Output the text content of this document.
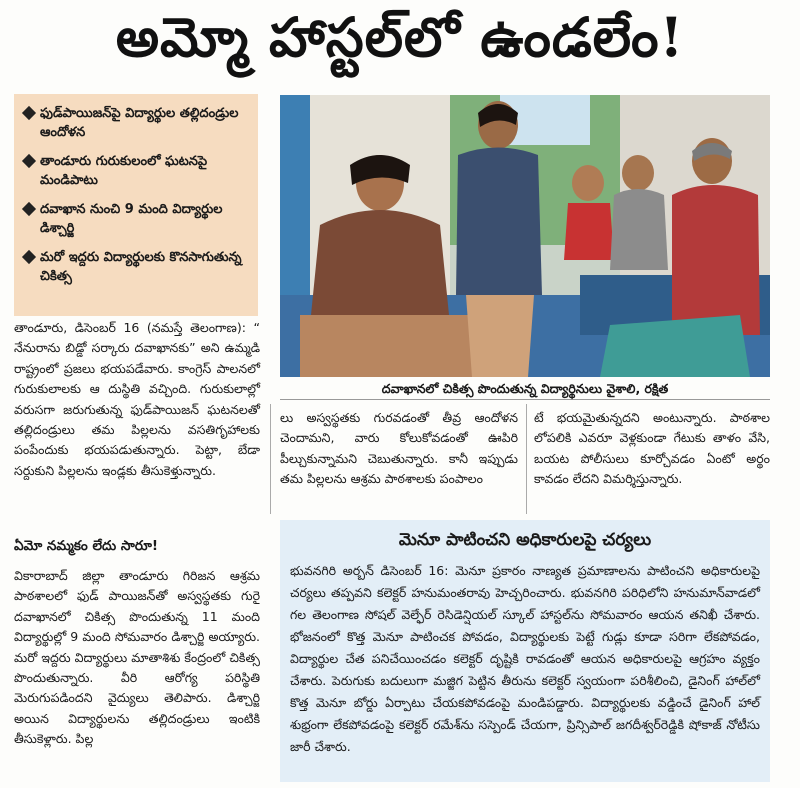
అమ్మో హాస్టల్‌లో ఉండలేం!
ఫుడ్‌పాయిజన్‌పై విద్యార్థుల తల్లిదండ్రుల ఆందోళన
తాండూరు గురుకులంలో ఘటనపై మండిపాటు
దవాఖాన నుంచి 9 మంది విద్యార్థుల డిశ్చార్జి
మరో ఇద్దరు విద్యార్థులకు కొనసాగుతున్న చికిత్స
దవాఖానలో చికిత్స పొందుతున్న విద్యార్థినులు వైశాలి, రక్షిత
తాండూరు, డిసెంబర్ 16 (నమస్తే తెలంగాణ): “ నేనురాను బిడ్డో సర్కారు దవాఖానకు” అని ఉమ్మడి రాష్ట్రంలో ప్రజలు భయపడేవారు. కాంగ్రెస్ పాలనలో గురుకులాలకు ఆ దుస్థితి వచ్చింది. గురుకులాల్లో వరుసగా జరుగుతున్న ఫుడ్‌పాయిజన్ ఘటనలతో తల్లిదండ్రులు తమ పిల్లలను వసతిగృహాలకు పంపేందుకు భయపడుతున్నారు. పెట్టా, బేడా సర్దుకుని పిల్లలను ఇండ్లకు తీసుకెళ్తున్నారు.
ఏమో నమ్మకం లేదు సారూ!
వికారాబాద్ జిల్లా తాండూరు గిరిజన ఆశ్రమ పాఠశాలలో ఫుడ్ పాయిజన్‌తో అస్వస్థతకు గురై దవాఖానలో చికిత్స పొందుతున్న 11 మంది విద్యార్థుల్లో 9 మంది సోమవారం డిశ్చార్జి అయ్యారు. మరో ఇద్దరు విద్యార్థులు మాతాశిశు కేంద్రంలో చికిత్స పొందుతున్నారు. వీరి ఆరోగ్య పరిస్థితి మెరుగుపడిందని వైద్యులు తెలిపారు. డిశ్చార్జి అయిన విద్యార్థులను తల్లిదండ్రులు ఇంటికి తీసుకెళ్లారు. పిల్ల
లు అస్వస్థతకు గురవడంతో తీవ్ర ఆందోళన చెందామని, వారు కోలుకోవడంతో ఊపిరి పీల్చుకున్నామని చెబుతున్నారు. కానీ ఇప్పుడు తమ పిల్లలను ఆశ్రమ పాఠశాలకు పంపాలం
టే భయమైతున్నదని అంటున్నారు. పాఠశాల లోపలికి ఎవరూ వెళ్లకుండా గేటుకు తాళం వేసి, బయట పోలీసులు కూర్చోవడం ఏంటో అర్థం కావడం లేదని విమర్శిస్తున్నారు.
మెనూ పాటించని అధికారులపై చర్యలు
భువనగిరి అర్బన్ డిసెంబర్ 16: మెనూ ప్రకారం నాణ్యత ప్రమాణాలను పాటించని అధికారులపై చర్యలు తప్పవని కలెక్టర్ హనుమంతరావు హెచ్చరించారు. భువనగిరి పరిధిలోని హనుమాన్‌వాడలో గల తెలంగాణ సోషల్ వెల్ఫేర్ రెసిడెన్షియల్ స్కూల్ హాస్టల్‌ను సోమవారం ఆయన తనిఖీ చేశారు. భోజనంలో కొత్త మెనూ పాటించక పోవడం, విద్యార్థులకు పెట్టే గుడ్లు కూడా సరిగా లేకపోవడం, విద్యార్థుల చేత పనిచేయించడం కలెక్టర్ దృష్టికి రావడంతో ఆయన అధికారులపై ఆగ్రహం వ్యక్తం చేశారు. పెరుగుకు బదులుగా మజ్జిగ పెట్టిన తీరును కలెక్టర్ స్వయంగా పరిశీలించి, డైనింగ్ హాల్‌లో కొత్త మెనూ బోర్డు ఏర్పాటు చేయకపోవడంపై మండిపడ్డారు. విద్యార్థులకు వడ్డించే డైనింగ్ హాల్ శుభ్రంగా లేకపోవడంపై కలెక్టర్ రమేశ్‌ను సస్పెండ్ చేయగా, ప్రిన్సిపాల్ జగదీశ్వర్‌రెడ్డికి షోకాజ్ నోటీసు జారీ చేశారు.
